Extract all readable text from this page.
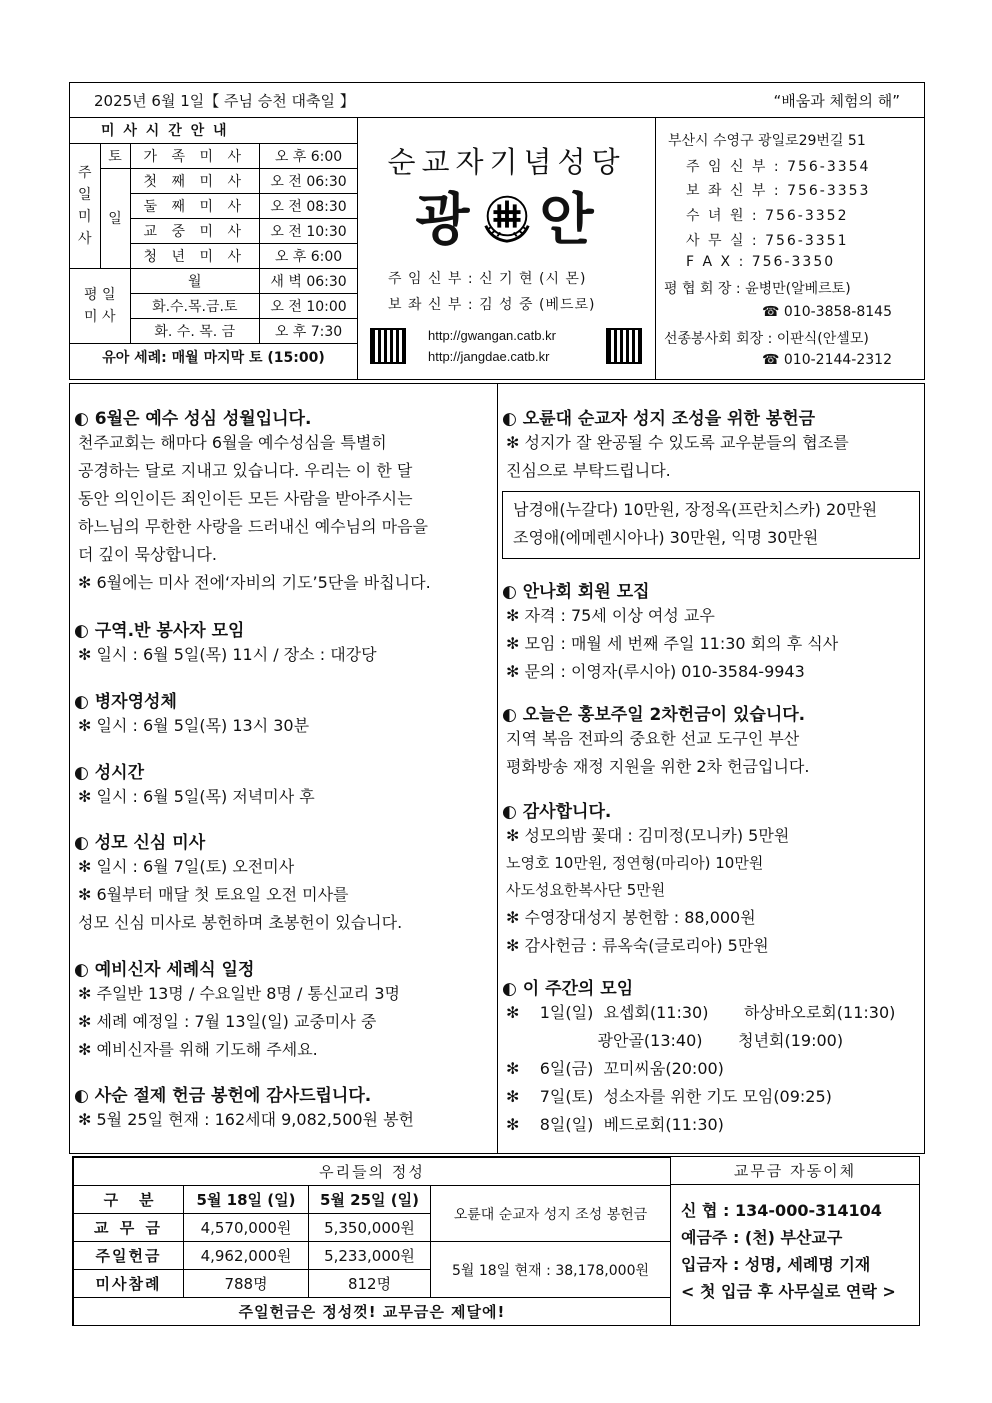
2025년 6월 1일【 주님 승천 대축일 】	“배움과 체험의 해”
미 사 시 간 안 내			
주 일 미 사	토	가 족 미 사	오 후 6:00
	일	첫 째 미 사	오 전 06:30
		둘 째 미 사	오 전 08:30
		교 중 미 사	오 전 10:30
		청 년 미 사	오 후 6:00
평 일 미 사		월	새 벽 06:30
		화.수.목.금.토	오 전 10:00
		화. 수. 목. 금	오 후 7:30
유아 세례: 매월 마지막 토 (15:00)			
순교자기념성당
광 안
주 임 신 부 : 신 기 현 (시 몬)
보 좌 신 부 : 김 성 중 (베드로)
http://gwangan.catb.kr
http://jangdae.catb.kr
부산시 수영구 광일로29번길 51
주 임 신 부 : 756-3354
보 좌 신 부 : 756-3353
수 녀 원 : 756-3352
사 무 실 : 756-3351
F A X : 756-3350
평 협 회 장 : 윤병만(알베르토)
☎ 010-3858-8145
선종봉사회 회장 : 이판식(안셀모)
☎ 010-2144-2312
◐ 6월은 예수 성심 성월입니다.

천주교회는 해마다 6월을 예수성심을 특별히

공경하는 달로 지내고 있습니다. 우리는 이 한 달

동안 의인이든 죄인이든 모든 사람을 받아주시는

하느님의 무한한 사랑을 드러내신 예수님의 마음을

더 깊이 묵상합니다.

✻ 6월에는 미사 전에‘자비의 기도’5단을 바칩니다.

◐ 구역.반 봉사자 모임

✻ 일시 : 6월 5일(목) 11시 / 장소 : 대강당

◐ 병자영성체

✻ 일시 : 6월 5일(목) 13시 30분

◐ 성시간

✻ 일시 : 6월 5일(목) 저녁미사 후

◐ 성모 신심 미사

✻ 일시 : 6월 7일(토) 오전미사

✻ 6월부터 매달 첫 토요일 오전 미사를

성모 신심 미사로 봉헌하며 초봉헌이 있습니다.

◐ 예비신자 세례식 일정

✻ 주일반 13명 / 수요일반 8명 / 통신교리 3명

✻ 세례 예정일 : 7월 13일(일) 교중미사 중

✻ 예비신자를 위해 기도해 주세요.

◐ 사순 절제 헌금 봉헌에 감사드립니다.

✻ 5월 25일 현재 : 162세대 9,082,500원 봉헌

◐ 오륜대 순교자 성지 조성을 위한 봉헌금

✻ 성지가 잘 완공될 수 있도록 교우분들의 협조를

진심으로 부탁드립니다.

◐ 안나회 회원 모집

✻ 자격 : 75세 이상 여성 교우

✻ 모임 : 매월 세 번째 주일 11:30 회의 후 식사

✻ 문의 : 이영자(루시아) 010-3584-9943

◐ 오늘은 홍보주일 2차헌금이 있습니다.

지역 복음 전파의 중요한 선교 도구인 부산

평화방송 재정 지원을 위한 2차 헌금입니다.

◐ 감사합니다.

✻ 성모의밤 꽃대 : 김미정(모니카) 5만원

노영호 10만원, 정연형(마리아) 10만원

사도성요한복사단 5만원

✻ 수영장대성지 봉헌함 : 88,000원

✻ 감사헌금 : 류옥숙(글로리아) 5만원

◐ 이 주간의 모임

✻    1일(일)  요셉회(11:30)       하상바오로회(11:30)

광안골(13:40)       청년회(19:00)

✻    6일(금)  꼬미씨움(20:00)

✻    7일(토)  성소자를 위한 기도 모임(09:25)

✻    8일(일)  베드로회(11:30)

남경애(누갈다) 10만원, 장정옥(프란치스카) 20만원
조영애(에메렌시아나) 30만원, 익명 30만원
우리들의 정성			
구    분	5월 18일 (일)	5월 25일 (일)	오륜대 순교자 성지 조성 봉헌금
교 무 금	4,570,000원	5,350,000원	
주일헌금	4,962,000원	5,233,000원	5월 18일 현재 : 38,178,000원
미사참례	788명	812명	
주일헌금은 정성껏! 교무금은 제달에!			
교무금 자동이체

신 협 : 134-000-314104

예금주 : (천) 부산교구

입금자 : 성명, 세례명 기재

< 첫 입금 후 사무실로 연락 >
